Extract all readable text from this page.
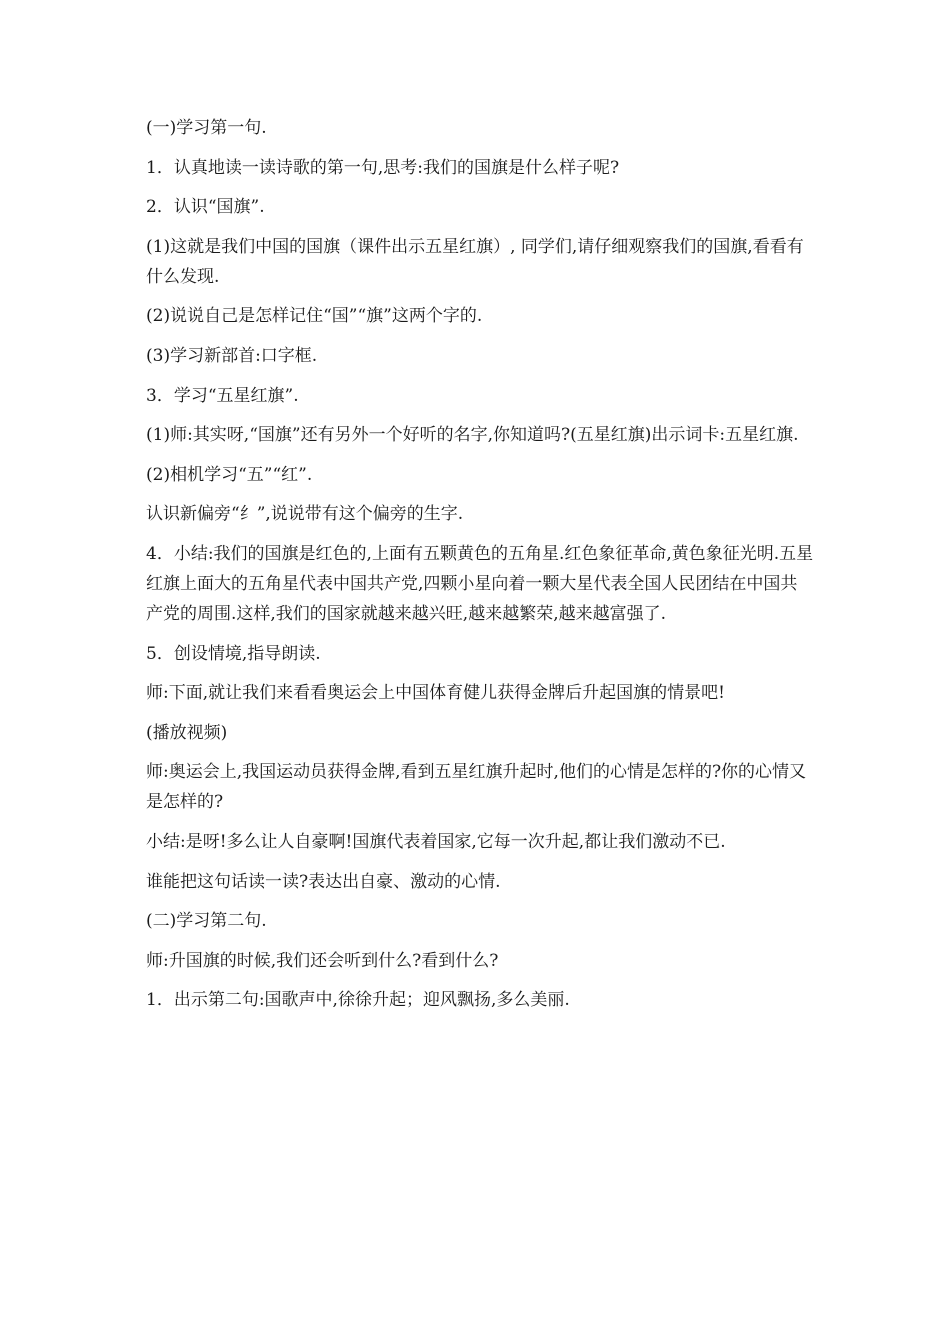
(一)学习第一句.

1．认真地读一读诗歌的第一句,思考:我们的国旗是什么样子呢?

2．认识“国旗”.

(1)这就是我们中国的国旗（课件出示五星红旗）, 同学们,请仔细观察我们的国旗,看看有什么发现.

(2)说说自己是怎样记住“国”“旗”这两个字的.

(3)学习新部首:口字框.

3．学习“五星红旗”.

(1)师:其实呀,“国旗”还有另外一个好听的名字,你知道吗?(五星红旗)出示词卡:五星红旗.

(2)相机学习“五”“红”.

认识新偏旁“纟”,说说带有这个偏旁的生字.

4．小结:我们的国旗是红色的,上面有五颗黄色的五角星.红色象征革命,黄色象征光明.五星红旗上面大的五角星代表中国共产党,四颗小星向着一颗大星代表全国人民团结在中国共产党的周围.这样,我们的国家就越来越兴旺,越来越繁荣,越来越富强了.

5．创设情境,指导朗读.

师:下面,就让我们来看看奥运会上中国体育健儿获得金牌后升起国旗的情景吧!

(播放视频)

师:奥运会上,我国运动员获得金牌,看到五星红旗升起时,他们的心情是怎样的?你的心情又是怎样的?

小结:是呀!多么让人自豪啊!国旗代表着国家,它每一次升起,都让我们激动不已.

谁能把这句话读一读?表达出自豪、激动的心情.

(二)学习第二句.

师:升国旗的时候,我们还会听到什么?看到什么?

1．出示第二句:国歌声中,徐徐升起；迎风飘扬,多么美丽.
